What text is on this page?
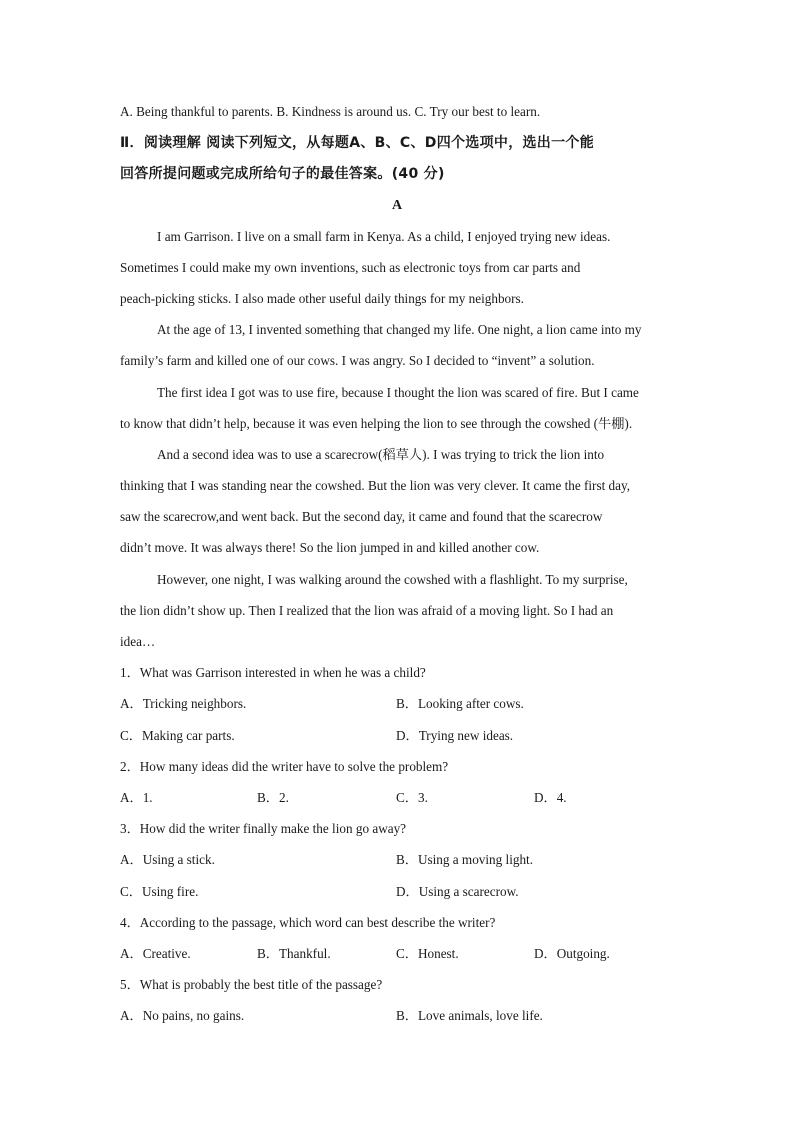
A. Being thankful to parents. B. Kindness is around us. C. Try our best to learn.
Ⅱ．阅读理解 阅读下列短文，从每题A、B、C、D四个选项中，选出一个能
回答所提问题或完成所给句子的最佳答案。(40 分)
A
I am Garrison. I live on a small farm in Kenya. As a child, I enjoyed trying new ideas.
Sometimes I could make my own inventions, such as electronic toys from car parts and
peach-picking sticks. I also made other useful daily things for my neighbors.
At the age of 13, I invented something that changed my life. One night, a lion came into my
family’s farm and killed one of our cows. I was angry. So I decided to “invent” a solution.
The first idea I got was to use fire, because I thought the lion was scared of fire. But I came
to know that didn’t help, because it was even helping the lion to see through the cowshed (牛棚).
And a second idea was to use a scarecrow(稻草人). I was trying to trick the lion into
thinking that I was standing near the cowshed. But the lion was very clever. It came the first day,
saw the scarecrow,and went back. But the second day, it came and found that the scarecrow
didn’t move. It was always there! So the lion jumped in and killed another cow.
However, one night, I was walking around the cowshed with a flashlight. To my surprise,
the lion didn’t show up. Then I realized that the lion was afraid of a moving light. So I had an
idea…
1．What was Garrison interested in when he was a child?
A．Tricking neighbors.	B．Looking after cows.
C．Making car parts.	D．Trying new ideas.
2．How many ideas did the writer have to solve the problem?
A．1.	B．2.	C．3.	D．4.
3．How did the writer finally make the lion go away?
A．Using a stick.	B．Using a moving light.
C．Using fire.	D．Using a scarecrow.
4．According to the passage, which word can best describe the writer?
A．Creative.	B．Thankful.	C．Honest.	D．Outgoing.
5．What is probably the best title of the passage?
A．No pains, no gains.	B．Love animals, love life.
